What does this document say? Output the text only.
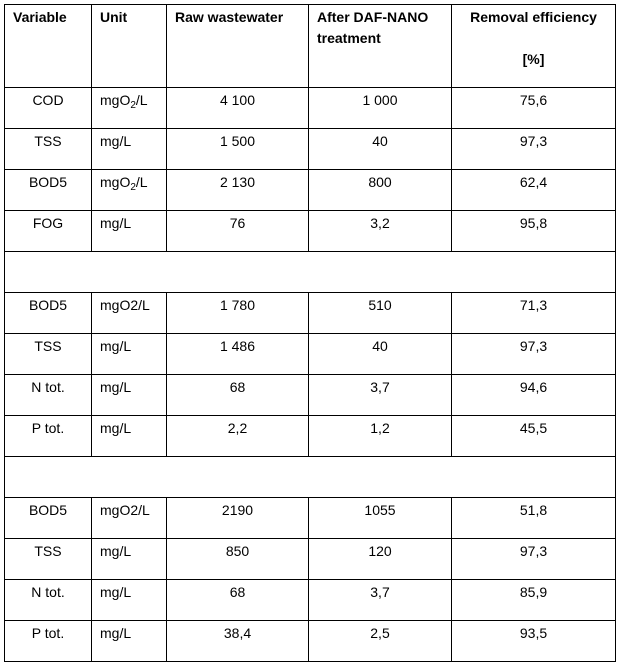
Variable	Unit	Raw wastewater	After DAF-NANO treatment	Removal efficiency
[%]

COD	mgO$_2$/L	4 100	1 000	75,6
TSS	mg/L	1 500	40	97,3
BOD5	mgO$_2$/L	2 130	800	62,4
FOG	mg/L	76	3,2	95,8

BOD5	mgO2/L	1 780	510	71,3
TSS	mg/L	1 486	40	97,3
N tot.	mg/L	68	3,7	94,6
P tot.	mg/L	2,2	1,2	45,5

BOD5	mgO2/L	2190	1055	51,8
TSS	mg/L	850	120	97,3
N tot.	mg/L	68	3,7	85,9
P tot.	mg/L	38,4	2,5	93,5
